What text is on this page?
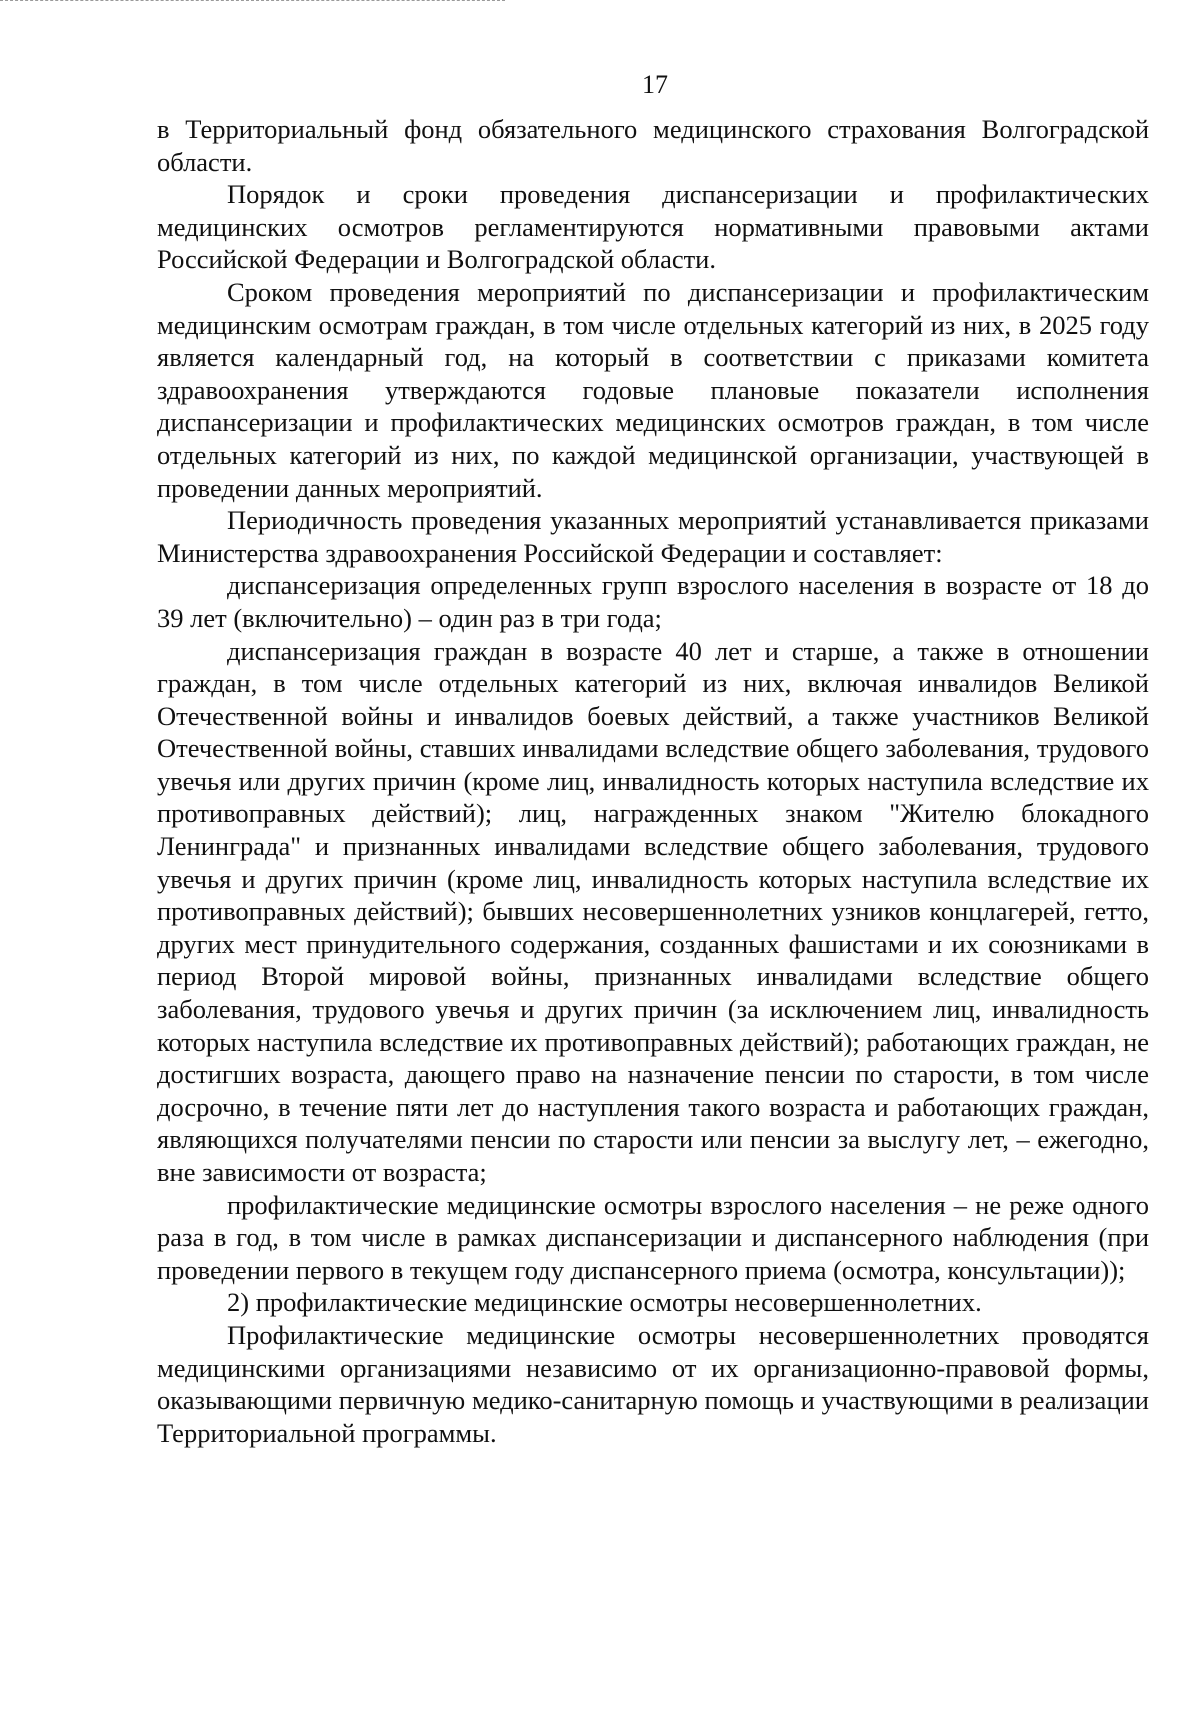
17

в Территориальный фонд обязательного медицинского страхования Волгоградской области.

Порядок и сроки проведения диспансеризации и профилактических медицинских осмотров регламентируются нормативными правовыми актами Российской Федерации и Волгоградской области.

Сроком проведения мероприятий по диспансеризации и профилактическим медицинским осмотрам граждан, в том числе отдельных категорий из них, в 2025 году является календарный год, на который в соответствии с приказами комитета здравоохранения утверждаются годовые плановые показатели исполнения диспансеризации и профилактических медицинских осмотров граждан, в том числе отдельных категорий из них, по каждой медицинской организации, участвующей в проведении данных мероприятий.

Периодичность проведения указанных мероприятий устанавливается приказами Министерства здравоохранения Российской Федерации и составляет:

диспансеризация определенных групп взрослого населения в возрасте от 18 до 39 лет (включительно) – один раз в три года;

диспансеризация граждан в возрасте 40 лет и старше, а также в отношении граждан, в том числе отдельных категорий из них, включая инвалидов Великой Отечественной войны и инвалидов боевых действий, а также участников Великой Отечественной войны, ставших инвалидами вследствие общего заболевания, трудового увечья или других причин (кроме лиц, инвалидность которых наступила вследствие их противоправных действий); лиц, награжденных знаком "Жителю блокадного Ленинграда" и признанных инвалидами вследствие общего заболевания, трудового увечья и других причин (кроме лиц, инвалидность которых наступила вследствие их противоправных действий); бывших несовершеннолетних узников концлагерей, гетто, других мест принудительного содержания, созданных фашистами и их союзниками в период Второй мировой войны, признанных инвалидами вследствие общего заболевания, трудового увечья и других причин (за исключением лиц, инвалидность которых наступила вследствие их противоправных действий); работающих граждан, не достигших возраста, дающего право на назначение пенсии по старости, в том числе досрочно, в течение пяти лет до наступления такого возраста и работающих граждан, являющихся получателями пенсии по старости или пенсии за выслугу лет, – ежегодно, вне зависимости от возраста;

профилактические медицинские осмотры взрослого населения – не реже одного раза в год, в том числе в рамках диспансеризации и диспансерного наблюдения (при проведении первого в текущем году диспансерного приема (осмотра, консультации));

2) профилактические медицинские осмотры несовершеннолетних.

Профилактические медицинские осмотры несовершеннолетних проводятся медицинскими организациями независимо от их организационно-правовой формы, оказывающими первичную медико-санитарную помощь и участвующими в реализации Территориальной программы.
